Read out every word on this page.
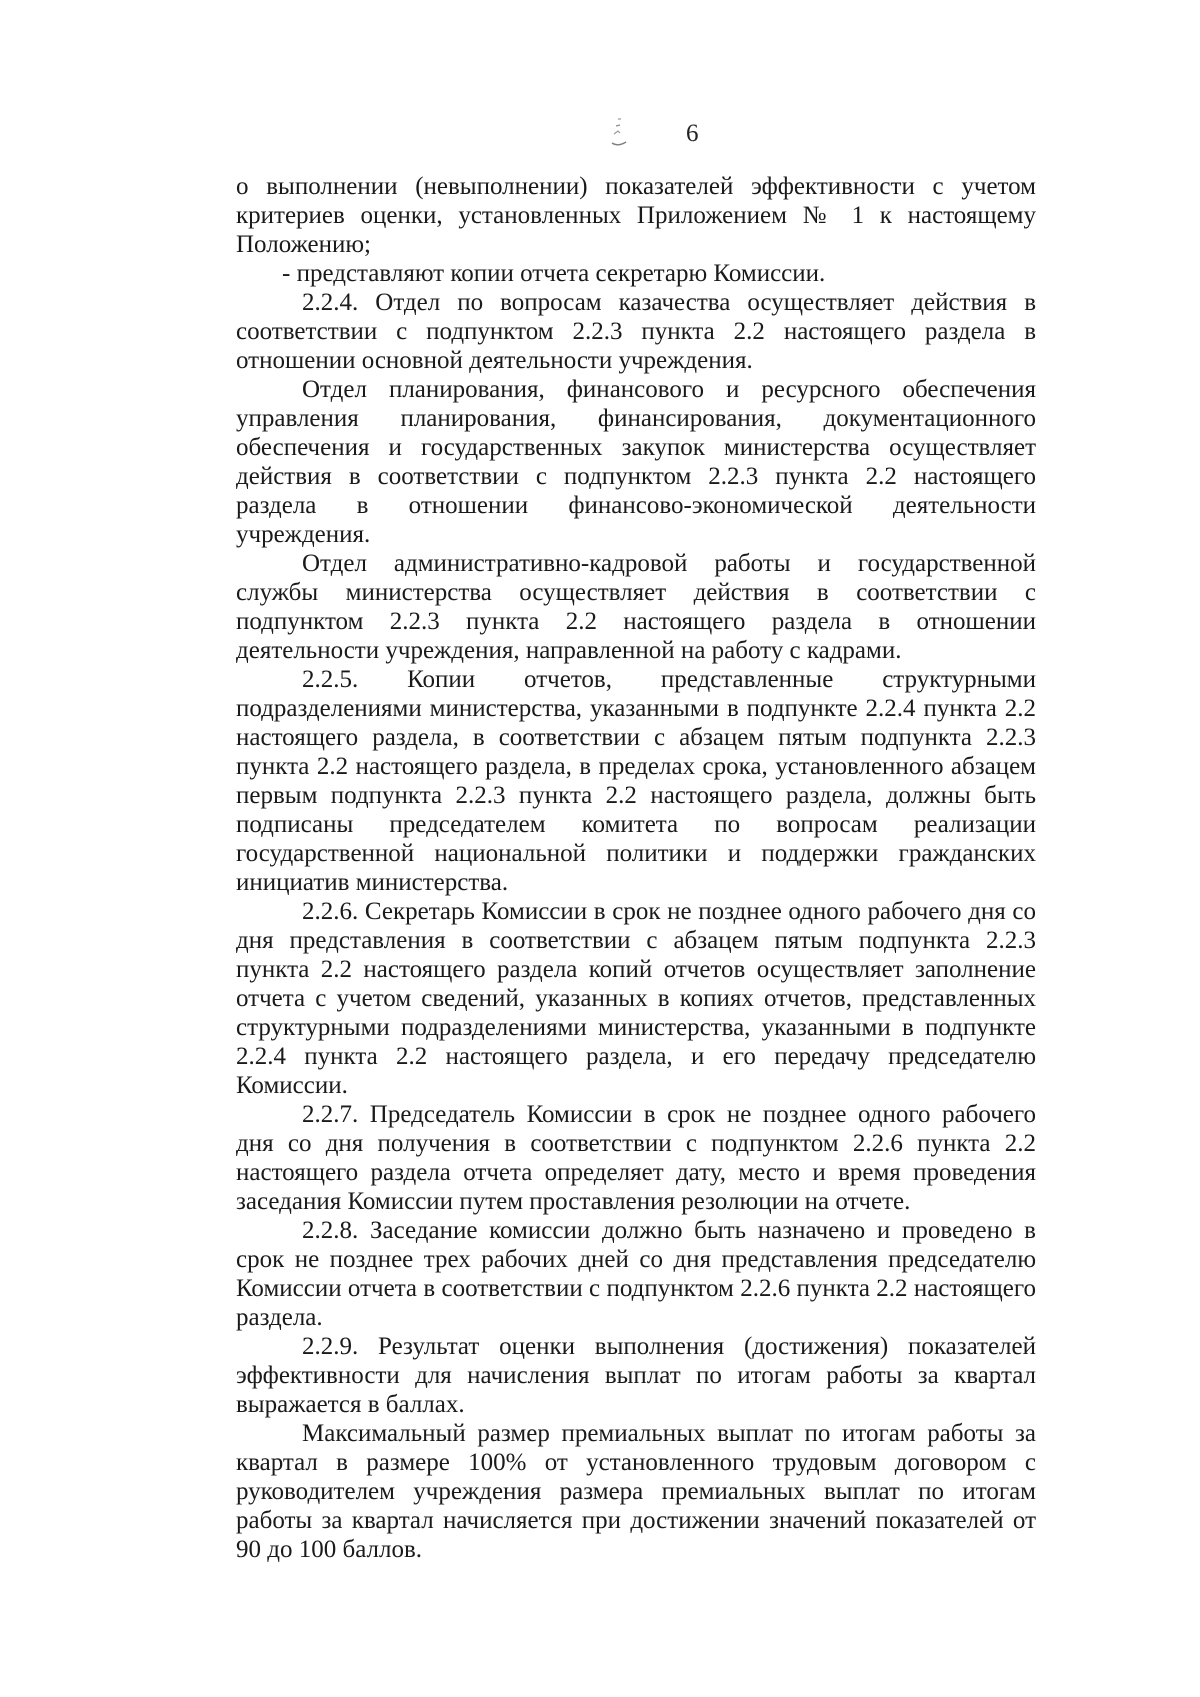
6

о выполнении (невыполнении) показателей эффективности с учетом критериев оценки, установленных Приложением № 1 к настоящему Положению;

- представляют копии отчета секретарю Комиссии.

2.2.4. Отдел по вопросам казачества осуществляет действия в соответствии с подпунктом 2.2.3 пункта 2.2 настоящего раздела в отношении основной деятельности учреждения.

Отдел планирования, финансового и ресурсного обеспечения управления планирования, финансирования, документационного обеспечения и государственных закупок министерства осуществляет действия в соответствии с подпунктом 2.2.3 пункта 2.2 настоящего раздела в отношении финансово-экономической деятельности учреждения.

Отдел административно-кадровой работы и государственной службы министерства осуществляет действия в соответствии с подпунктом 2.2.3 пункта 2.2 настоящего раздела в отношении деятельности учреждения, направленной на работу с кадрами.

2.2.5. Копии отчетов, представленные структурными подразделениями министерства, указанными в подпункте 2.2.4 пункта 2.2 настоящего раздела, в соответствии с абзацем пятым подпункта 2.2.3 пункта 2.2 настоящего раздела, в пределах срока, установленного абзацем первым подпункта 2.2.3 пункта 2.2 настоящего раздела, должны быть подписаны председателем комитета по вопросам реализации государственной национальной политики и поддержки гражданских инициатив министерства.

2.2.6. Секретарь Комиссии в срок не позднее одного рабочего дня со дня представления в соответствии с абзацем пятым подпункта 2.2.3 пункта 2.2 настоящего раздела копий отчетов осуществляет заполнение отчета с учетом сведений, указанных в копиях отчетов, представленных структурными подразделениями министерства, указанными в подпункте 2.2.4 пункта 2.2 настоящего раздела, и его передачу председателю Комиссии.

2.2.7. Председатель Комиссии в срок не позднее одного рабочего дня со дня получения в соответствии с подпунктом 2.2.6 пункта 2.2 настоящего раздела отчета определяет дату, место и время проведения заседания Комиссии путем проставления резолюции на отчете.

2.2.8. Заседание комиссии должно быть назначено и проведено в срок не позднее трех рабочих дней со дня представления председателю Комиссии отчета в соответствии с подпунктом 2.2.6 пункта 2.2 настоящего раздела.

2.2.9. Результат оценки выполнения (достижения) показателей эффективности для начисления выплат по итогам работы за квартал выражается в баллах.

Максимальный размер премиальных выплат по итогам работы за квартал в размере 100% от установленного трудовым договором с руководителем учреждения размера премиальных выплат по итогам работы за квартал начисляется при достижении значений показателей от 90 до 100 баллов.
